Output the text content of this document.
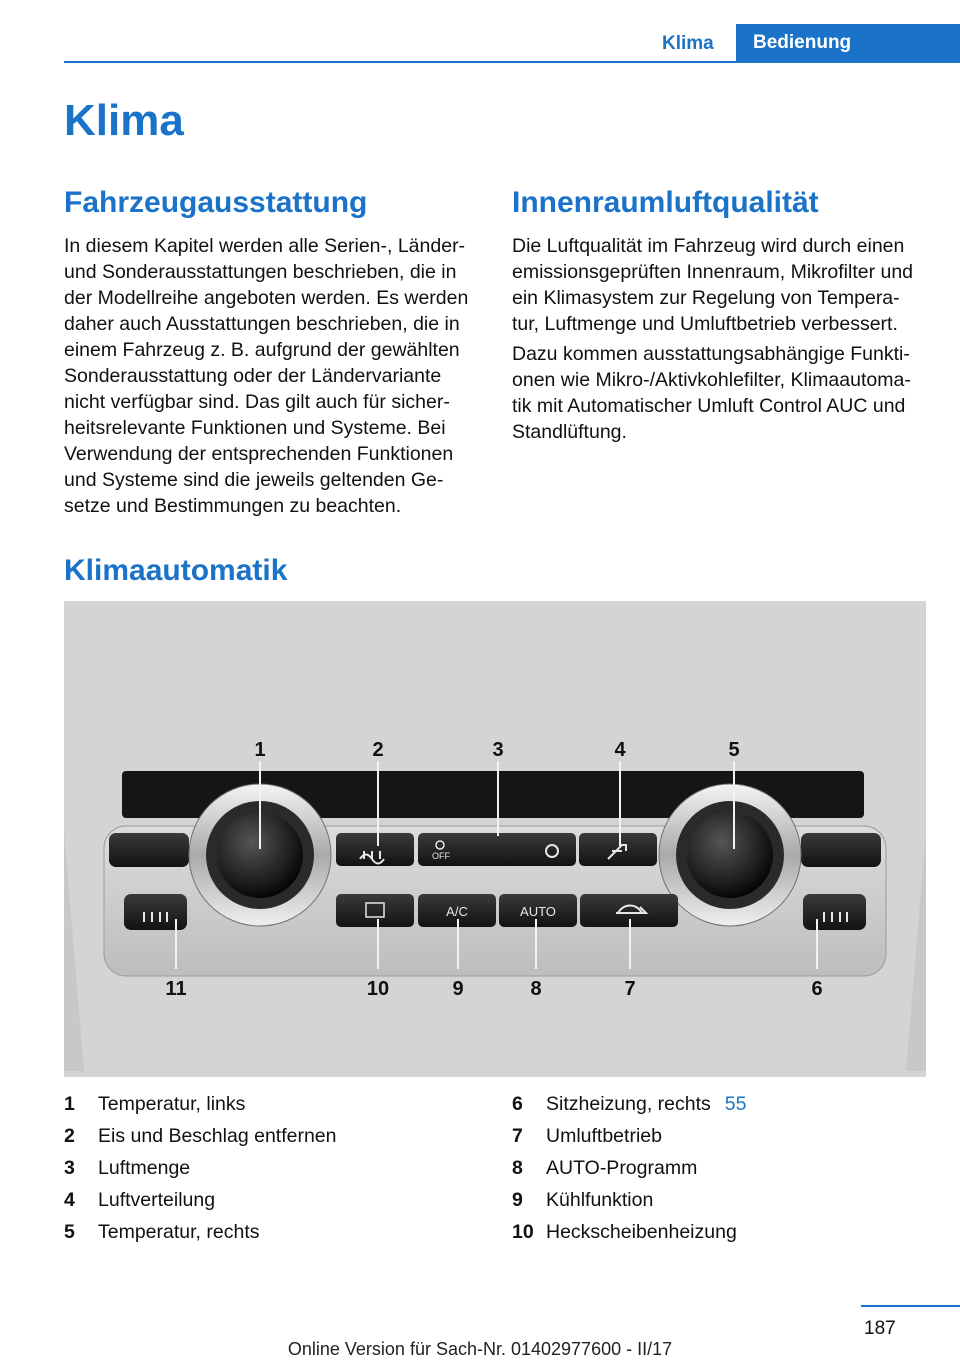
Klima Bedienung
Klima
Fahrzeugausstattung
In diesem Kapitel werden alle Serien-, Länder-
und Sonderausstattungen beschrieben, die in
der Modellreihe angeboten werden. Es werden
daher auch Ausstattungen beschrieben, die in
einem Fahrzeug z. B. aufgrund der gewählten
Sonderausstattung oder der Ländervariante
nicht verfügbar sind. Das gilt auch für sicher-
heitsrelevante Funktionen und Systeme. Bei
Verwendung der entsprechenden Funktionen
und Systeme sind die jeweils geltenden Ge-
setze und Bestimmungen zu beachten.
Innenraumluftqualität
Die Luftqualität im Fahrzeug wird durch einen
emissionsgeprüften Innenraum, Mikrofilter und
ein Klimasystem zur Regelung von Tempera-
tur, Luftmenge und Umluftbetrieb verbessert.
Dazu kommen ausstattungsabhängige Funkti-
onen wie Mikro-/Aktivkohlefilter, Klimaautoma-
tik mit Automatischer Umluft Control AUC und
Standlüftung.
Klimaautomatik
OFF
A/C	AUTO
1	2	3	4	5
6
7
8
9
10
11
1	Temperatur, links
2	Eis und Beschlag entfernen
3	Luftmenge
4	Luftverteilung
5	Temperatur, rechts
6	Sitzheizung, rechts 55
7	Umluftbetrieb
8	AUTO-Programm
9	Kühlfunktion
10 Heckscheibenheizung
187
Online Version für Sach-Nr. 01402977600 - II/17
